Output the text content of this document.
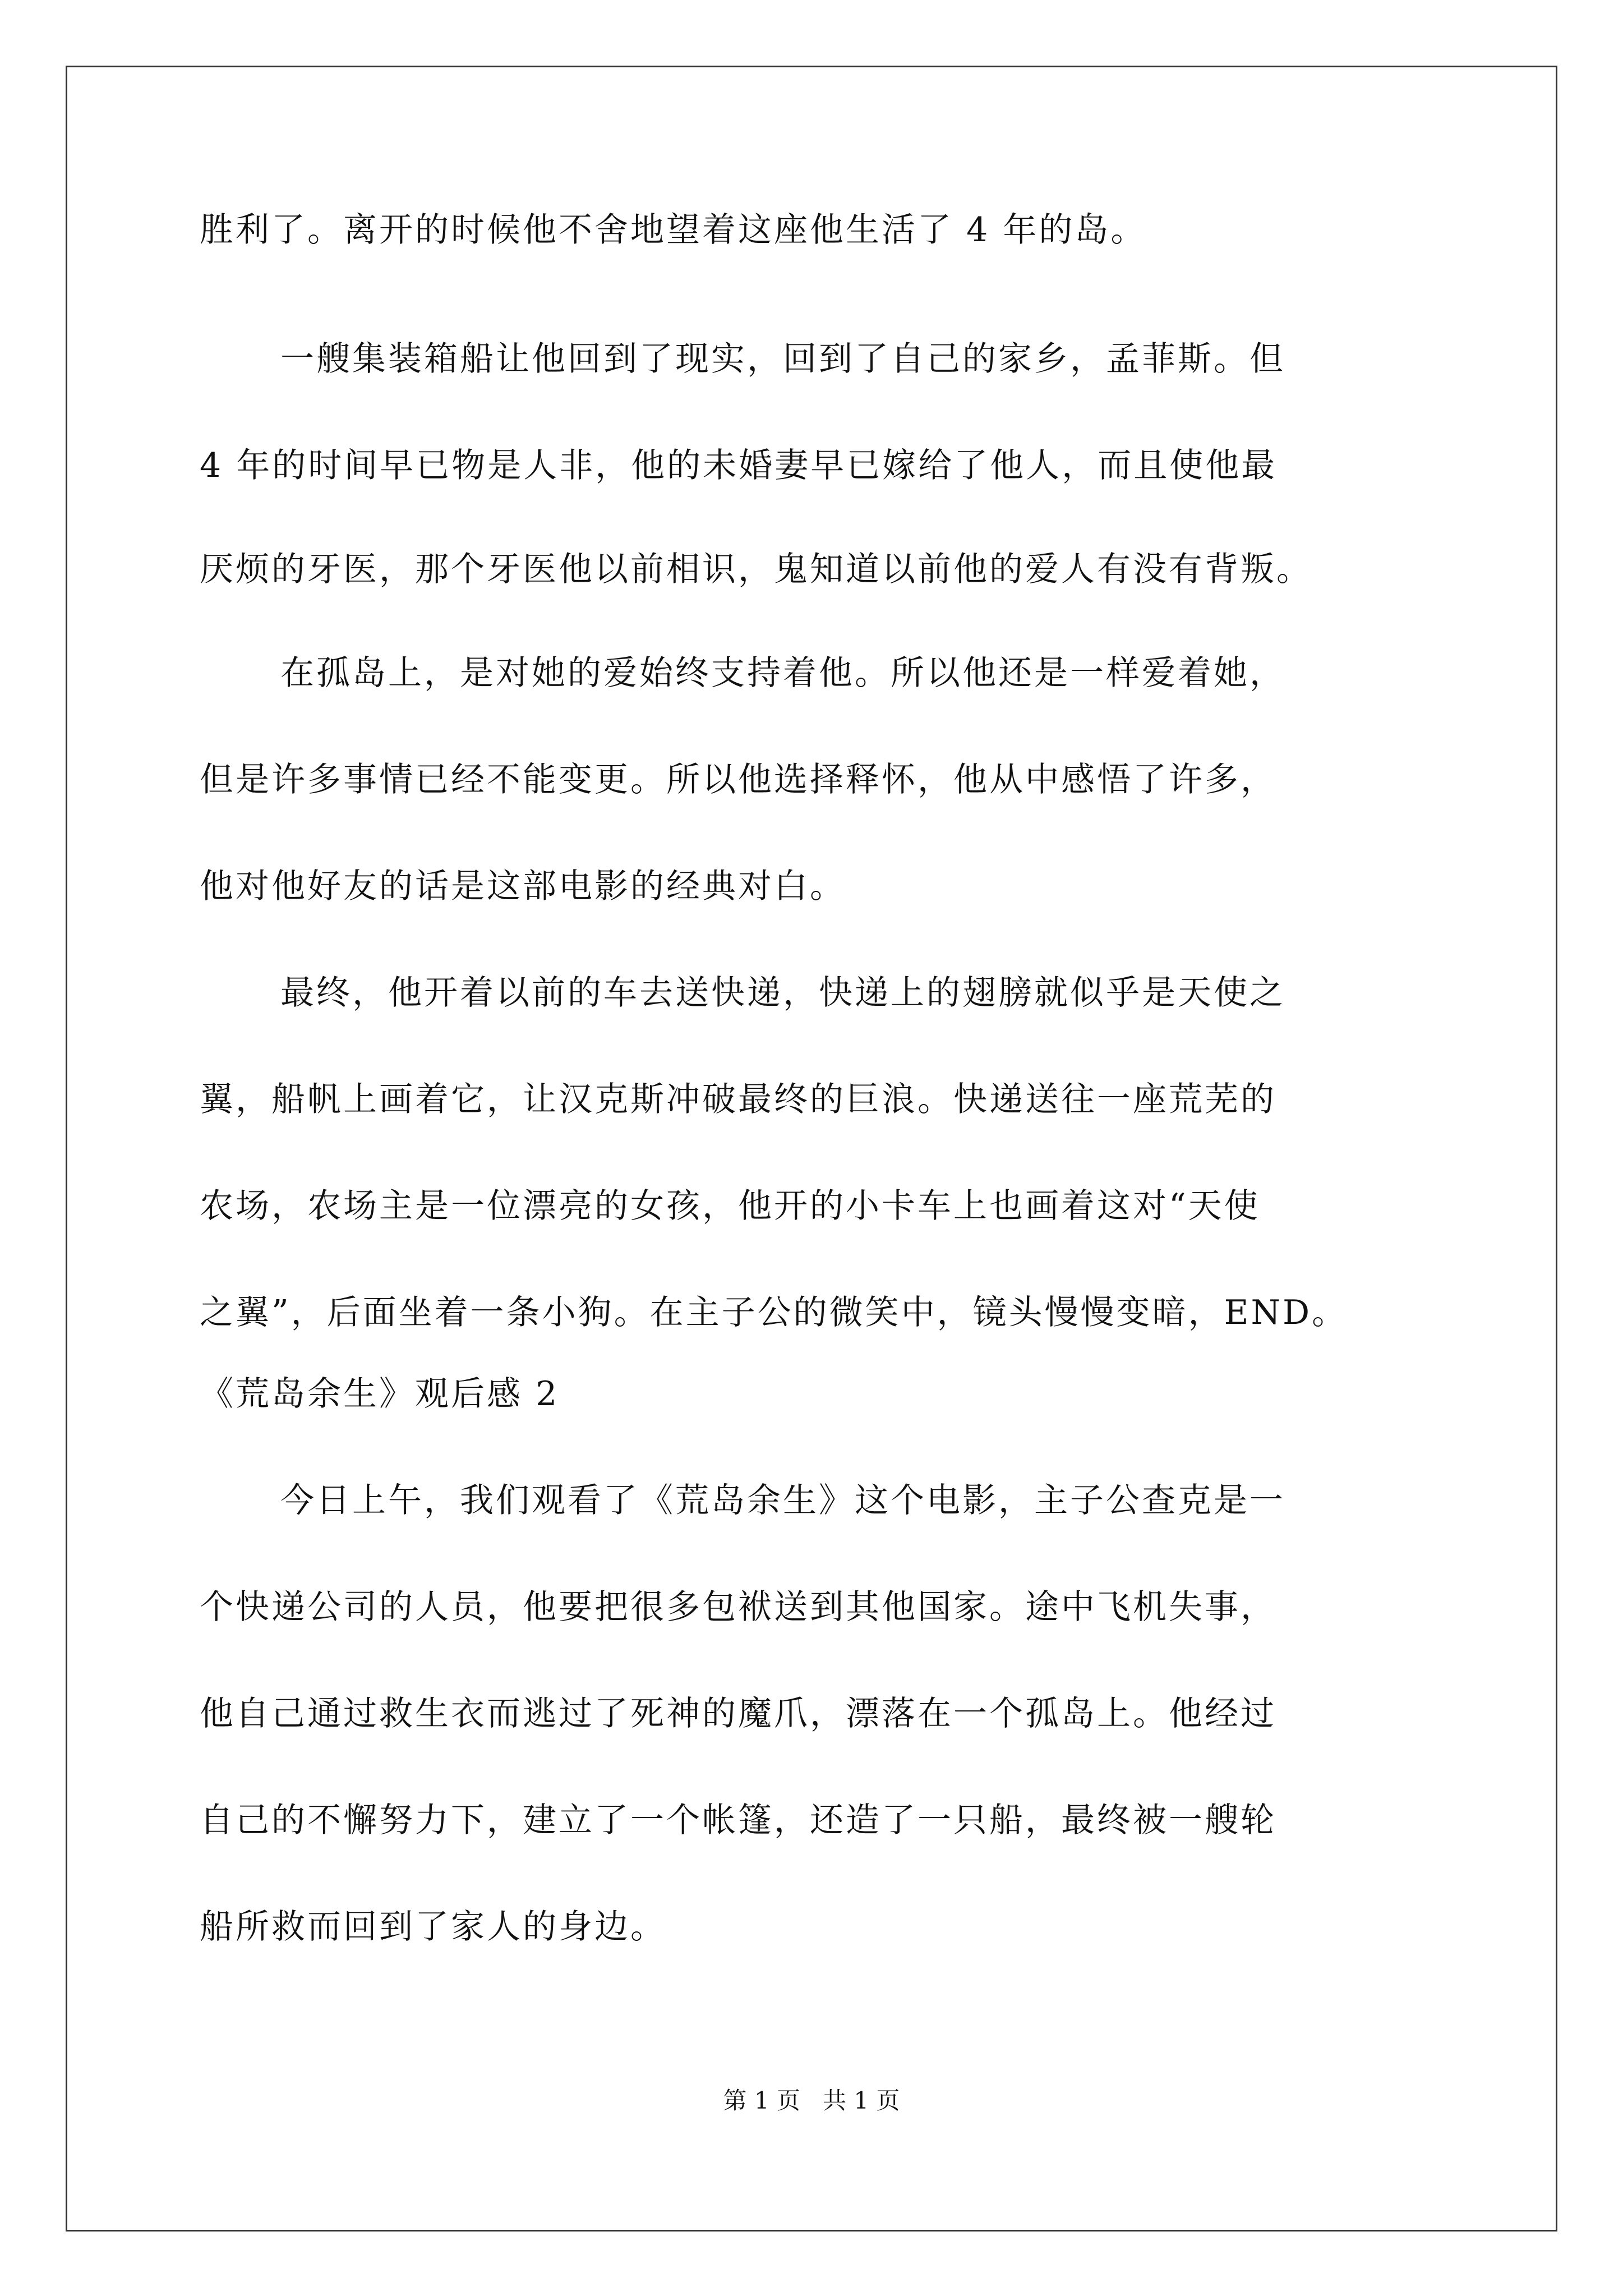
胜利了。离开的时候他不舍地望着这座他生活了 4 年的岛。
一艘集装箱船让他回到了现实，回到了自己的家乡，孟菲斯。但
4 年的时间早已物是人非，他的未婚妻早已嫁给了他人，而且使他最
厌烦的牙医，那个牙医他以前相识，鬼知道以前他的爱人有没有背叛。
在孤岛上，是对她的爱始终支持着他。所以他还是一样爱着她，
但是许多事情已经不能变更。所以他选择释怀，他从中感悟了许多，
他对他好友的话是这部电影的经典对白。
最终，他开着以前的车去送快递，快递上的翅膀就似乎是天使之
翼，船帆上画着它，让汉克斯冲破最终的巨浪。快递送往一座荒芜的
农场，农场主是一位漂亮的女孩，他开的小卡车上也画着这对“天使
之翼”，后面坐着一条小狗。在主子公的微笑中，镜头慢慢变暗，END。
《荒岛余生》观后感 2
今日上午，我们观看了《荒岛余生》这个电影，主子公查克是一
个快递公司的人员，他要把很多包袱送到其他国家。途中飞机失事，
他自己通过救生衣而逃过了死神的魔爪，漂落在一个孤岛上。他经过
自己的不懈努力下，建立了一个帐篷，还造了一只船，最终被一艘轮
船所救而回到了家人的身边。
第 1 页   共 1 页
